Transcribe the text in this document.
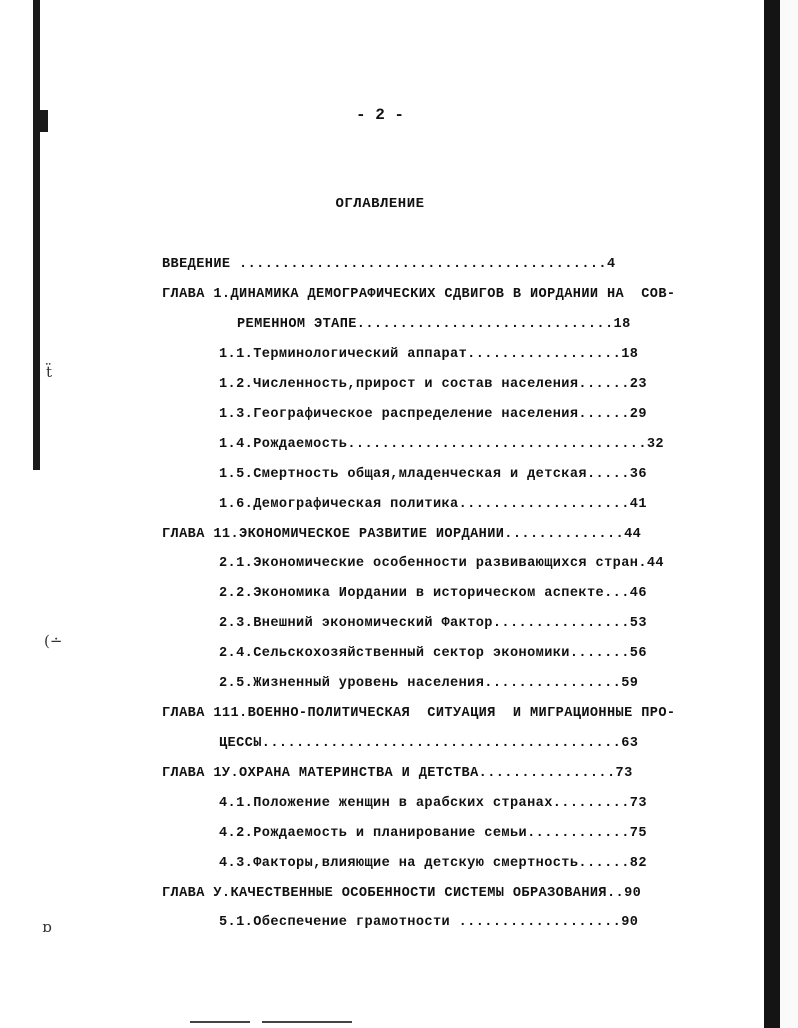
ẗ
(∸
ɒ
- 2 -
ОГЛАВЛЕНИЕ
ВВЕДЕНИЕ ...........................................4
ГЛАВА 1.ДИНАМИКА ДЕМОГРАФИЧЕСКИХ СДВИГОВ В ИОРДАНИИ НА  СОВ-
РЕМЕННОМ ЭТАПЕ..............................18
1.1.Терминологический аппарат..................18
1.2.Численность,прирост и состав населения......23
1.3.Географическое распределение населения......29
1.4.Рождаемость...................................32
1.5.Смертность общая,младенческая и детская.....36
1.6.Демографическая политика....................41
ГЛАВА 11.ЭКОНОМИЧЕСКОЕ РАЗВИТИЕ ИОРДАНИИ..............44
2.1.Экономические особенности развивающихся стран.44
2.2.Экономика Иордании в историческом аспекте...46
2.3.Внешний экономический Фактор................53
2.4.Сельскохозяйственный сектор экономики.......56
2.5.Жизненный уровень населения................59
ГЛАВА 111.ВОЕННО-ПОЛИТИЧЕСКАЯ  СИТУАЦИЯ  И МИГРАЦИОННЫЕ ПРО-
ЦЕССЫ..........................................63
ГЛАВА 1У.ОХРАНА МАТЕРИНСТВА И ДЕТСТВА................73
4.1.Положение женщин в арабских странах.........73
4.2.Рождаемость и планирование семьи............75
4.3.Факторы,влияющие на детскую смертность......82
ГЛАВА У.КАЧЕСТВЕННЫЕ ОСОБЕННОСТИ СИСТЕМЫ ОБРАЗОВАНИЯ..90
5.1.Обеспечение грамотности ...................90
